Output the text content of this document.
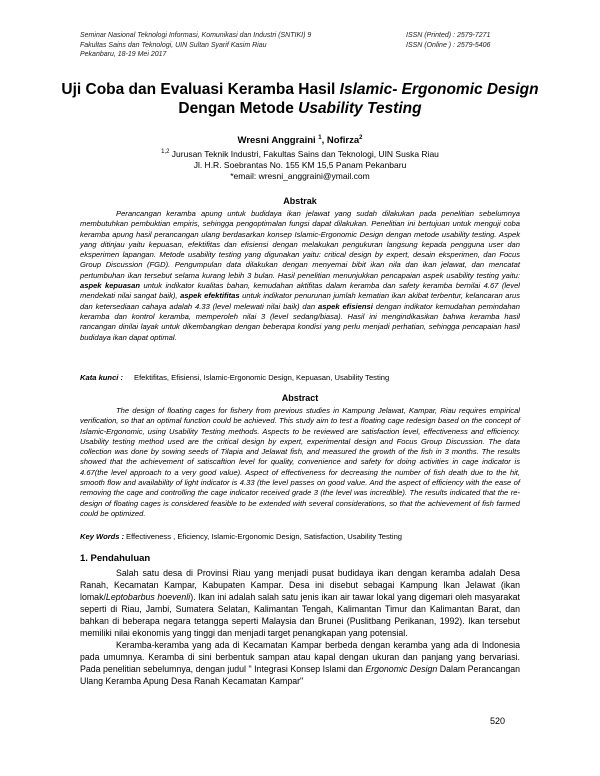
Seminar Nasional Teknologi Informasi, Komunikasi dan Industri (SNTIKI) 9	ISSN (Printed) : 2579-7271
Fakultas Sains dan Teknologi, UIN Sultan Syarif Kasim Riau	ISSN (Online ) : 2579-5406
Pekanbaru, 18-19 Mei 2017
Uji Coba dan Evaluasi Keramba Hasil Islamic- Ergonomic Design Dengan Metode Usability Testing
Wresni Anggraini $^1$, Nofirza$^2$
$^{1,2}$ Jurusan Teknik Industri, Fakultas Sains dan Teknologi, UIN Suska Riau
Jl. H.R. Soebrantas No. 155 KM 15,5 Panam Pekanbaru
*email: wresni_anggraini@ymail.com
Abstrak

Perancangan keramba apung untuk budidaya ikan jelawat yang sudah dilakukan pada penelitian sebelumnya membutuhkan pembuktian empiris, sehingga pengoptimalan fungsi dapat dilakukan. Penelitian ini bertujuan untuk menguji coba keramba apung hasil perancangan ulang berdasarkan konsep Islamic-Ergonomic Design dengan metode usability testing. Aspek yang ditinjau yaitu kepuasan, efektifitas dan efisiensi dengan melakukan pengukuran langsung kepada pengguna user dan eksperimen lapangan. Metode usability testing yang digunakan yaitu: critical design by expert, desain eksperimen, dan Focus Group Discussion (FGD). Pengumpulan data dilakukan dengan menyemai bibit ikan nila dan ikan jelawat, dan mencatat pertumbuhan ikan tersebut selama kurang lebih 3 bulan. Hasil penelitian menunjukkan pencapaian aspek usability testing yaitu: aspek kepuasan untuk indikator kualitas bahan, kemudahan aktifitas dalam keramba dan safety keramba bernilai 4.67 (level mendekati nilai sangat baik), aspek efektifitas untuk indikator penurunan jumlah kematian ikan akibat terbentur, kelancaran arus dan ketersediaan cahaya adalah 4.33 (level melewati nilai baik) dan aspek efisiensi dengan indikator kemudahan pemindahan keramba dan kontrol keramba, memperoleh nilai 3 (level sedang/biasa). Hasil ini mengindikasikan bahwa keramba hasil rancangan dinilai layak untuk dikembangkan dengan beberapa kondisi yang perlu menjadi perhatian, sehingga pencapaian hasil budidaya ikan dapat optimal.

Kata kunci : Efektifitas, Efisiensi, Islamic-Ergonomic Design, Kepuasan, Usability Testing
Abstract

The design of floating cages for fishery from previous studies in Kampung Jelawat, Kampar, Riau requires empirical verification, so that an optimal function could be achieved. This study aim to test a floating cage redesign based on the concept of Islamic-Ergonomic, using Usability Testing methods. Aspects to be reviewed are satisfaction level, effectiveness and efficiency. Usability testing method used are the critical design by expert, experimental design and Focus Group Discussion. The data collection was done by sowing seeds of Tilapia and Jelawat fish, and measured the growth of the fish in 3 months. The results showed that the achievement of satiscaftion level for quality, convenience and safety for doing activities in cage indicator is 4.67(the level approach to a very good value). Aspect of effectiveness for decreasing the number of fish death due to the hit, smooth flow and availability of light indicator is 4.33 (the level passes on good value. And the aspect of efficiency with the ease of removing the cage and controlling the cage indicator received grade 3 (the level was incredible). The results indicated that the re-design of floating cages is considered feasible to be extended with several considerations, so that the achievement of fish farmed could be optimized.

Key Words : Effectiveness , Eficiency, Islamic-Ergonomic Design, Satisfaction, Usability Testing
1. Pendahuluan

Salah satu desa di Provinsi Riau yang menjadi pusat budidaya ikan dengan keramba adalah Desa Ranah, Kecamatan Kampar, Kabupaten Kampar. Desa ini disebut sebagai Kampung Ikan Jelawat (ikan lomak/Leptobarbus hoevenli). Ikan ini adalah salah satu jenis ikan air tawar lokal yang digemari oleh masyarakat seperti di Riau, Jambi, Sumatera Selatan, Kalimantan Tengah, Kalimantan Timur dan Kalimantan Barat, dan bahkan di beberapa negara tetangga seperti Malaysia dan Brunei (Puslitbang Perikanan, 1992). Ikan tersebut memiliki nilai ekonomis yang tinggi dan menjadi target penangkapan yang potensial.

Keramba-keramba yang ada di Kecamatan Kampar berbeda dengan keramba yang ada di Indonesia pada umumnya. Keramba di sini berbentuk sampan atau kapal dengan ukuran dan panjang yang bervariasi. Pada penelitian sebelumnya, dengan judul " Integrasi Konsep Islami dan Ergonomic Design Dalam Perancangan Ulang Keramba Apung Desa Ranah Kecamatan Kampar"

520
